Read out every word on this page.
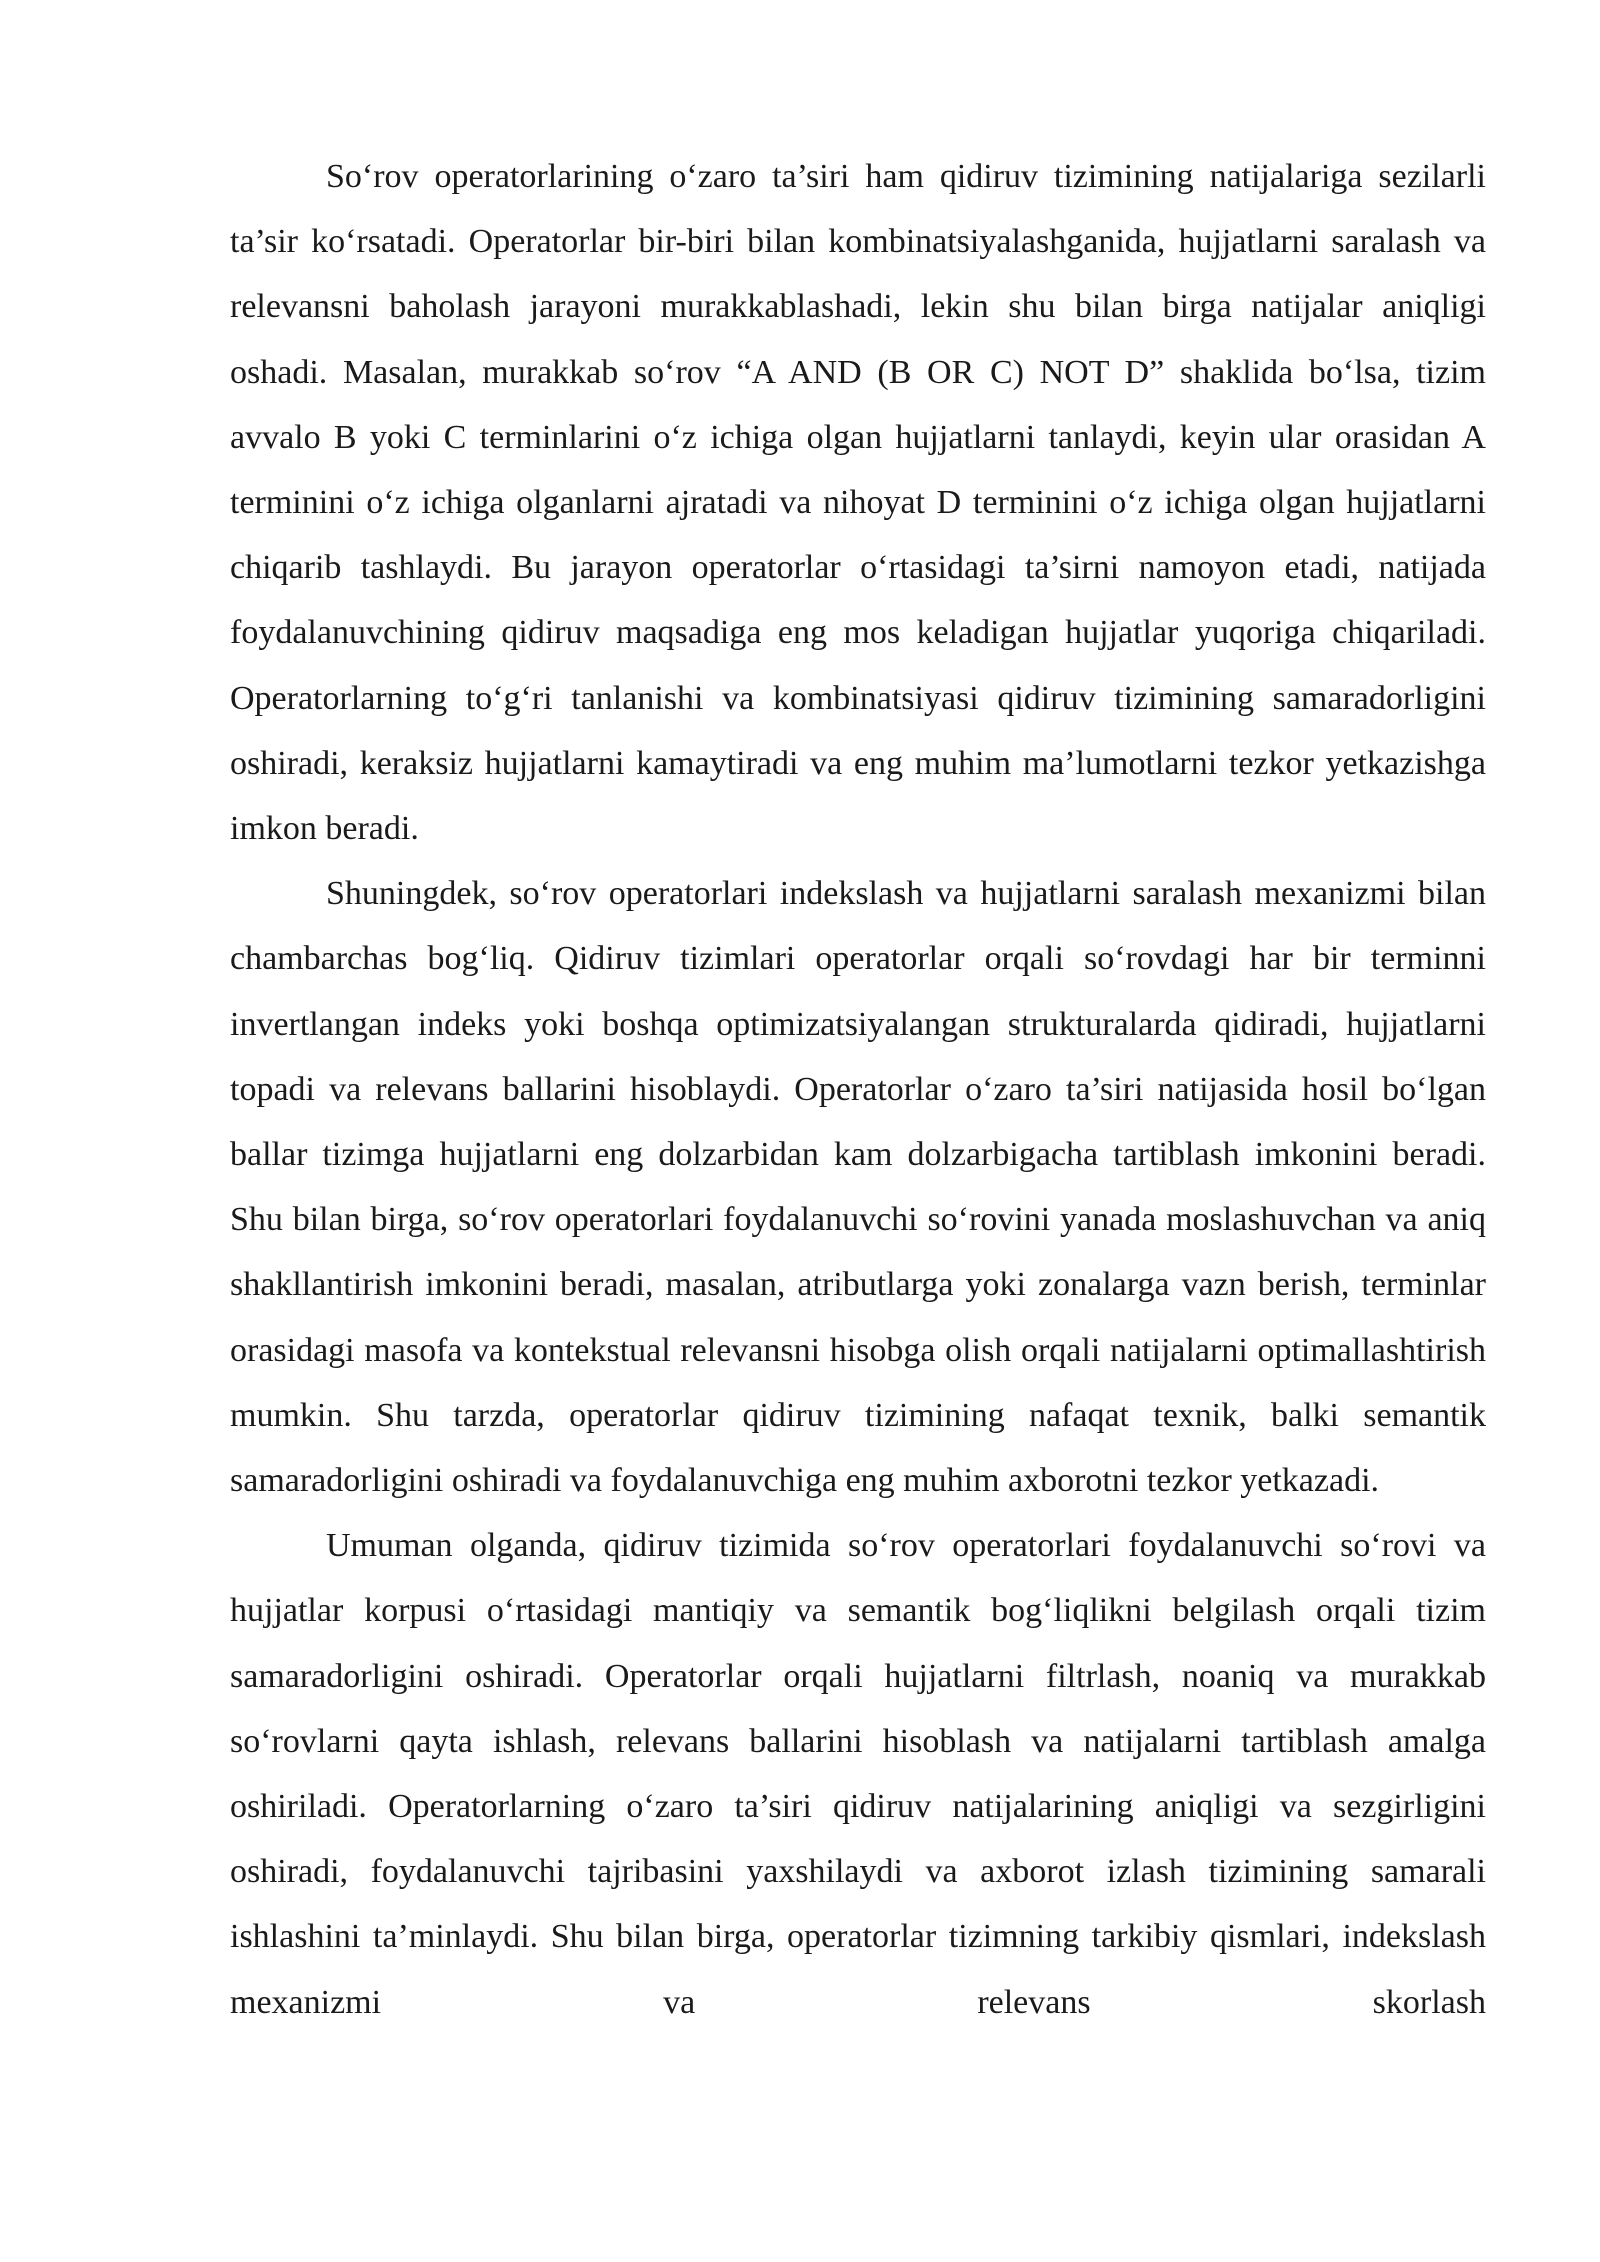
So‘rov operatorlarining o‘zaro ta’siri ham qidiruv tizimining natijalariga sezilarli ta’sir ko‘rsatadi. Operatorlar bir-biri bilan kombinatsiyalashganida, hujjatlarni saralash va relevansni baholash jarayoni murakkablashadi, lekin shu bilan birga natijalar aniqligi oshadi. Masalan, murakkab so‘rov “A AND (B OR C) NOT D” shaklida bo‘lsa, tizim avvalo B yoki C terminlarini o‘z ichiga olgan hujjatlarni tanlaydi, keyin ular orasidan A terminini o‘z ichiga olganlarni ajratadi va nihoyat D terminini o‘z ichiga olgan hujjatlarni chiqarib tashlaydi. Bu jarayon operatorlar o‘rtasidagi ta’sirni namoyon etadi, natijada foydalanuvchining qidiruv maqsadiga eng mos keladigan hujjatlar yuqoriga chiqariladi. Operatorlarning to‘g‘ri tanlanishi va kombinatsiyasi qidiruv tizimining samaradorligini oshiradi, keraksiz hujjatlarni kamaytiradi va eng muhim ma’lumotlarni tezkor yetkazishga imkon beradi.

Shuningdek, so‘rov operatorlari indekslash va hujjatlarni saralash mexanizmi bilan chambarchas bog‘liq. Qidiruv tizimlari operatorlar orqali so‘rovdagi har bir terminni invertlangan indeks yoki boshqa optimizatsiyalangan strukturalarda qidiradi, hujjatlarni topadi va relevans ballarini hisoblaydi. Operatorlar o‘zaro ta’siri natijasida hosil bo‘lgan ballar tizimga hujjatlarni eng dolzarbidan kam dolzarbigacha tartiblash imkonini beradi. Shu bilan birga, so‘rov operatorlari foydalanuvchi so‘rovini yanada moslashuvchan va aniq shakllantirish imkonini beradi, masalan, atributlarga yoki zonalarga vazn berish, terminlar orasidagi masofa va kontekstual relevansni hisobga olish orqali natijalarni optimallashtirish mumkin. Shu tarzda, operatorlar qidiruv tizimining nafaqat texnik, balki semantik samaradorligini oshiradi va foydalanuvchiga eng muhim axborotni tezkor yetkazadi.

Umuman olganda, qidiruv tizimida so‘rov operatorlari foydalanuvchi so‘rovi va hujjatlar korpusi o‘rtasidagi mantiqiy va semantik bog‘liqlikni belgilash orqali tizim samaradorligini oshiradi. Operatorlar orqali hujjatlarni filtrlash, noaniq va murakkab so‘rovlarni qayta ishlash, relevans ballarini hisoblash va natijalarni tartiblash amalga oshiriladi. Operatorlarning o‘zaro ta’siri qidiruv natijalarining aniqligi va sezgirligini oshiradi, foydalanuvchi tajribasini yaxshilaydi va axborot izlash tizimining samarali ishlashini ta’minlaydi. Shu bilan birga, operatorlar tizimning tarkibiy qismlari, indekslash mexanizmi va relevans skorlash
